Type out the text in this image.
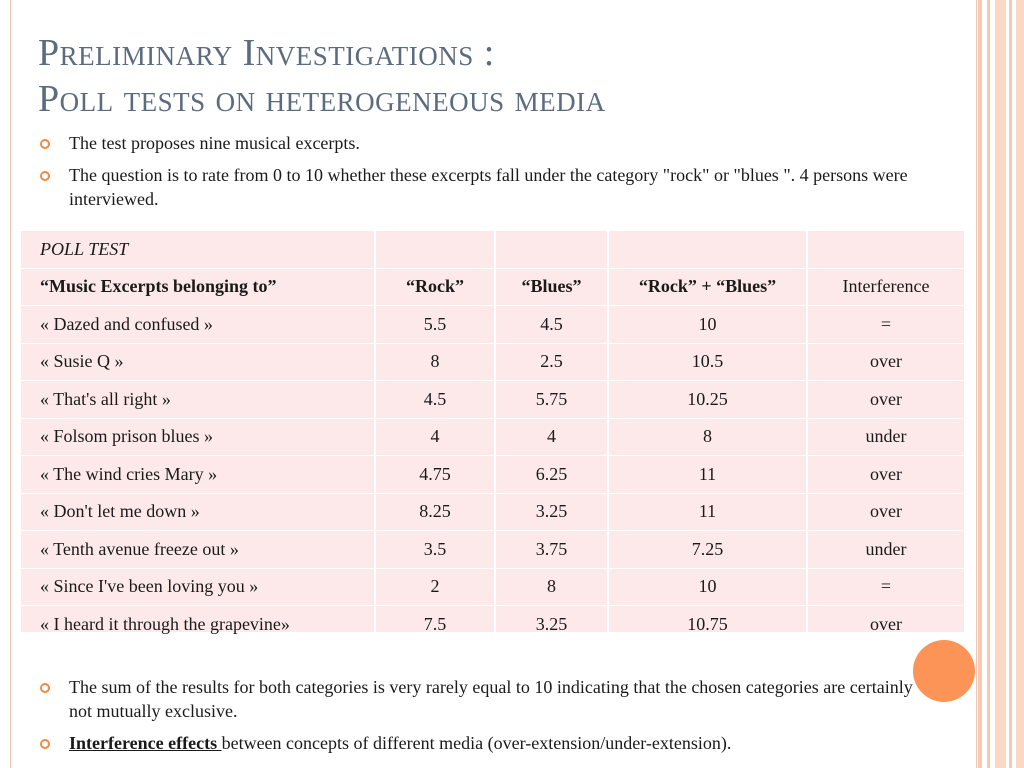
Preliminary Investigations :
Poll tests on heterogeneous media
The test proposes nine musical excerpts.
The question is to rate from 0 to 10 whether these excerpts fall under the category "rock" or "blues ". 4 persons were interviewed.
POLL TEST				
“Music Excerpts belonging to”	“Rock”	“Blues”	“Rock” + “Blues”	Interference
« Dazed and confused »	5.5	4.5	10	=
« Susie Q »	8	2.5	10.5	over
« That's all right »	4.5	5.75	10.25	over
« Folsom prison blues »	4	4	8	under
« The wind cries Mary »	4.75	6.25	11	over
« Don't let me down »	8.25	3.25	11	over
« Tenth avenue freeze out »	3.5	3.75	7.25	under
« Since I've been loving you »	2	8	10	=
« I heard it through the grapevine»	7.5	3.25	10.75	over
The sum of the results for both categories is very rarely equal to 10 indicating that the chosen categories are certainly not mutually exclusive.
Interference effects between concepts of different media (over-extension/under-extension).
